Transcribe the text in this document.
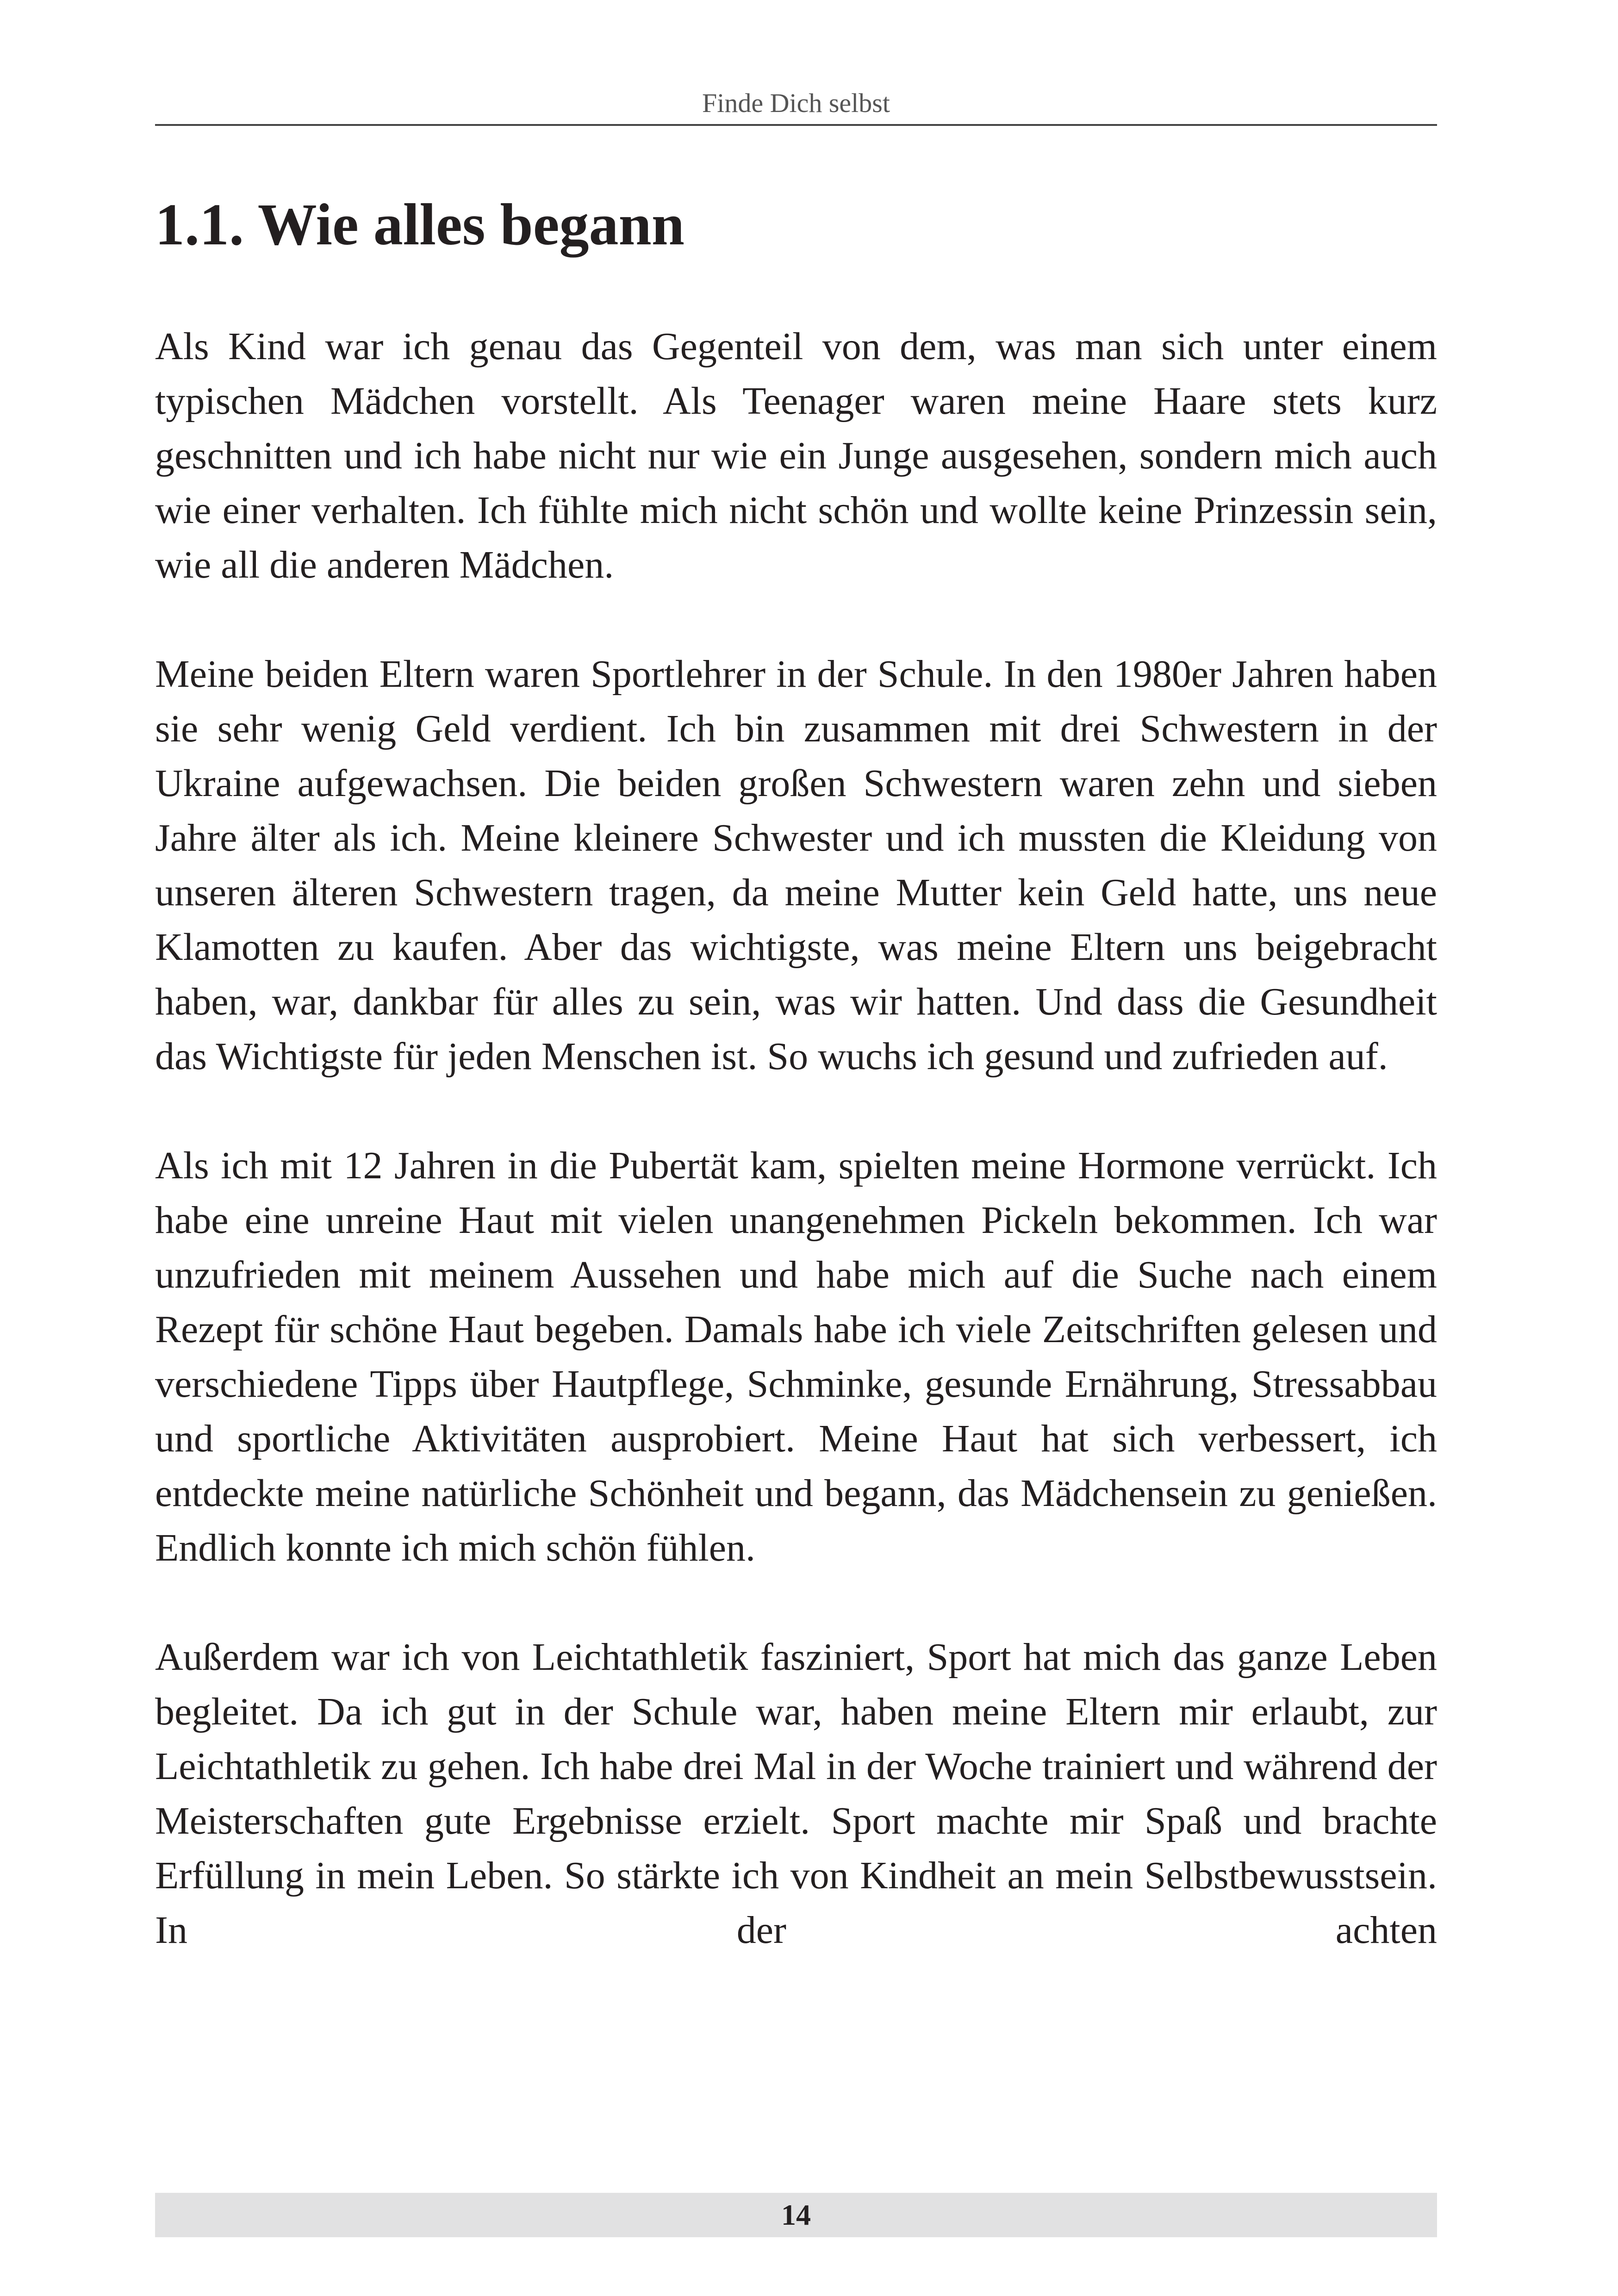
Finde Dich selbst
1.1. Wie alles begann

Als Kind war ich genau das Gegenteil von dem, was man sich unter einem typischen Mädchen vorstellt. Als Teenager waren meine Haare stets kurz geschnitten und ich habe nicht nur wie ein Junge ausgesehen, sondern mich auch wie einer verhalten. Ich fühlte mich nicht schön und wollte keine Prinzessin sein, wie all die anderen Mädchen.

Meine beiden Eltern waren Sportlehrer in der Schule. In den 1980er Jahren haben sie sehr wenig Geld verdient. Ich bin zusammen mit drei Schwestern in der Ukraine aufgewachsen. Die beiden großen Schwestern waren zehn und sieben Jahre älter als ich. Meine kleinere Schwester und ich mussten die Kleidung von unseren älteren Schwestern tragen, da meine Mutter kein Geld hatte, uns neue Klamotten zu kaufen. Aber das wichtigste, was meine Eltern uns beigebracht haben, war, dankbar für alles zu sein, was wir hatten. Und dass die Gesundheit das Wichtigste für jeden Menschen ist. So wuchs ich gesund und zufrieden auf.

Als ich mit 12 Jahren in die Pubertät kam, spielten meine Hormone verrückt. Ich habe eine unreine Haut mit vielen unangenehmen Pickeln bekommen. Ich war unzufrieden mit meinem Aussehen und habe mich auf die Suche nach einem Rezept für schöne Haut begeben. Damals habe ich viele Zeitschriften gelesen und verschiedene Tipps über Hautpflege, Schminke, gesunde Ernährung, Stressabbau und sportliche Aktivitäten ausprobiert. Meine Haut hat sich verbessert, ich entdeckte meine natürliche Schönheit und begann, das Mädchensein zu genießen. Endlich konnte ich mich schön fühlen.

Außerdem war ich von Leichtathletik fasziniert, Sport hat mich das ganze Leben begleitet. Da ich gut in der Schule war, haben meine Eltern mir erlaubt, zur Leichtathletik zu gehen. Ich habe drei Mal in der Woche trainiert und während der Meisterschaften gute Ergebnisse erzielt. Sport machte mir Spaß und brachte Erfüllung in mein Leben. So stärkte ich von Kindheit an mein Selbstbewusstsein. In der achten

14
